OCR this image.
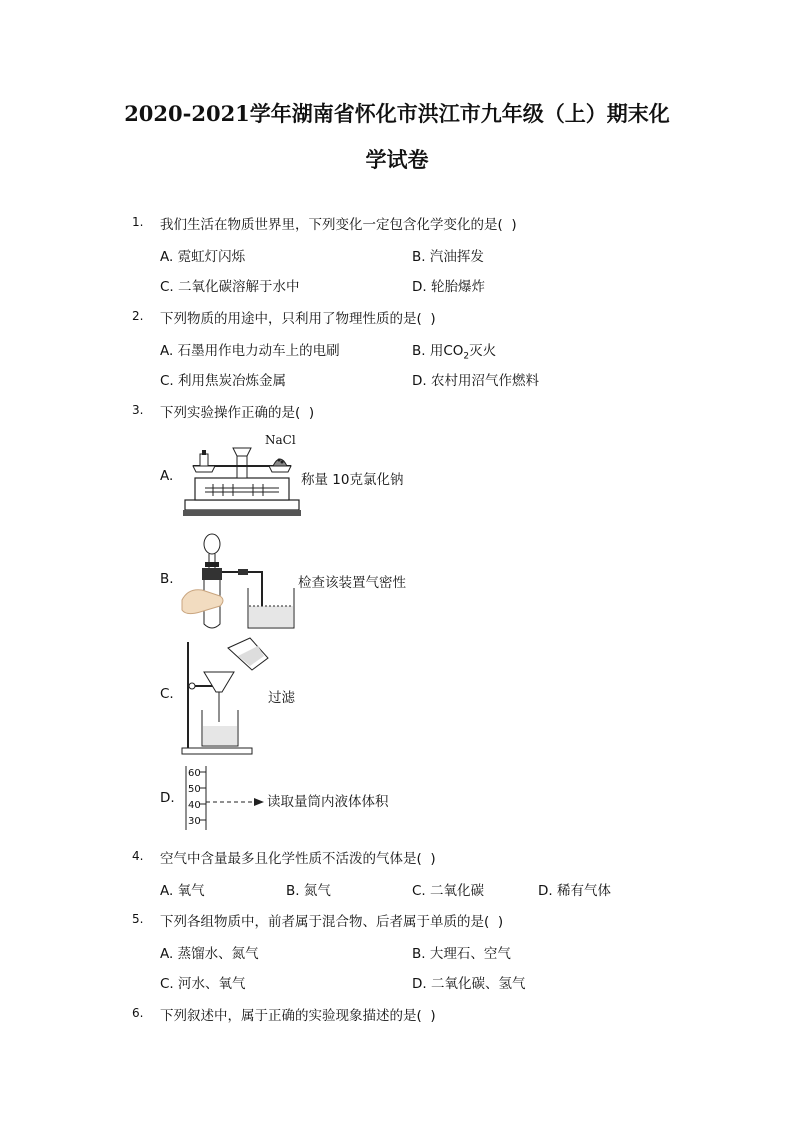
2020-2021学年湖南省怀化市洪江市九年级（上）期末化
学试卷
1. 我们生活在物质世界里，下列变化一定包含化学变化的是(  )
A. 霓虹灯闪烁	B. 汽油挥发
C. 二氧化碳溶解于水中	D. 轮胎爆炸
2. 下列物质的用途中，只利用了物理性质的是(  )
A. 石墨用作电力动车上的电刷	B. 用$CO_2$灭火
C. 利用焦炭冶炼金属	D. 农村用沼气作燃料
3. 下列实验操作正确的是(  )
A.
NaCl
称量 10克氯化钠
B.	检查该装置气密性
C.	过滤
D.
60
50
40
30
读取量筒内液体体积
4. 空气中含量最多且化学性质不活泼的气体是(  )
A. 氧气	B. 氮气	C. 二氧化碳	D. 稀有气体
5. 下列各组物质中，前者属于混合物、后者属于单质的是(  )
A. 蒸馏水、氮气	B. 大理石、空气
C. 河水、氧气	D. 二氧化碳、氢气
6. 下列叙述中，属于正确的实验现象描述的是(  )
